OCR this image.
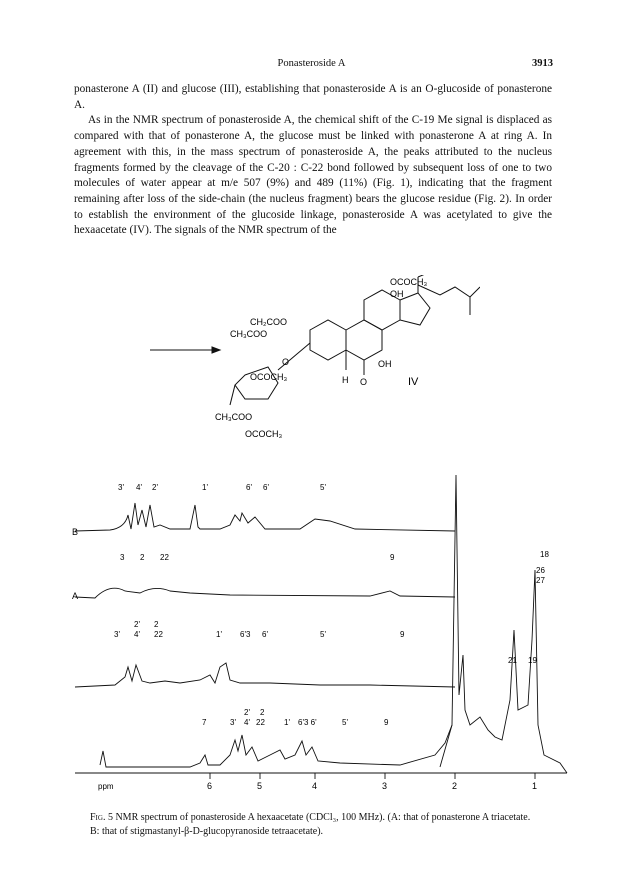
Ponasteroside A	3913

ponasterone A (II) and glucose (III), establishing that ponasteroside A is an O-glucoside of ponasterone A.

As in the NMR spectrum of ponasteroside A, the chemical shift of the C-19 Me signal is displaced as compared with that of ponasterone A, the glucose must be linked with ponasterone A at ring A. In agreement with this, in the mass spectrum of ponasteroside A, the peaks attributed to the nucleus fragments formed by the cleavage of the C-20 : C-22 bond followed by subsequent loss of one to two molecules of water appear at m/e 507 (9%) and 489 (11%) (Fig. 1), indicating that the fragment remaining after loss of the side-chain (the nucleus fragment) bears the glucose residue (Fig. 2). In order to establish the environment of the glucoside linkage, ponasteroside A was acetylated to give the hexaacetate (IV). The signals of the NMR spectrum of the

OCOCH₃
OH
CH₂COO
CH₃COO
O
OCOCH₃
CH₃COO
OCOCH₃
OH
H O	IV
B
A
3' 4' 2'	1'	6' 6'	5'
3 2 22	9
3' 4'
2' 2
22	1' 6'3 6'	5'	9
7	3' 4'
2' 2
22 1' 6'3 6'	5'	9
18
26
27
21 19
ppm	6	5	4	3	2	1
Fig. 5 NMR spectrum of ponasteroside A hexaacetate (CDCl₃, 100 MHz). (A: that of ponasterone A triacetate. B: that of stigmastanyl-β-D-glucopyranoside tetraacetate).
